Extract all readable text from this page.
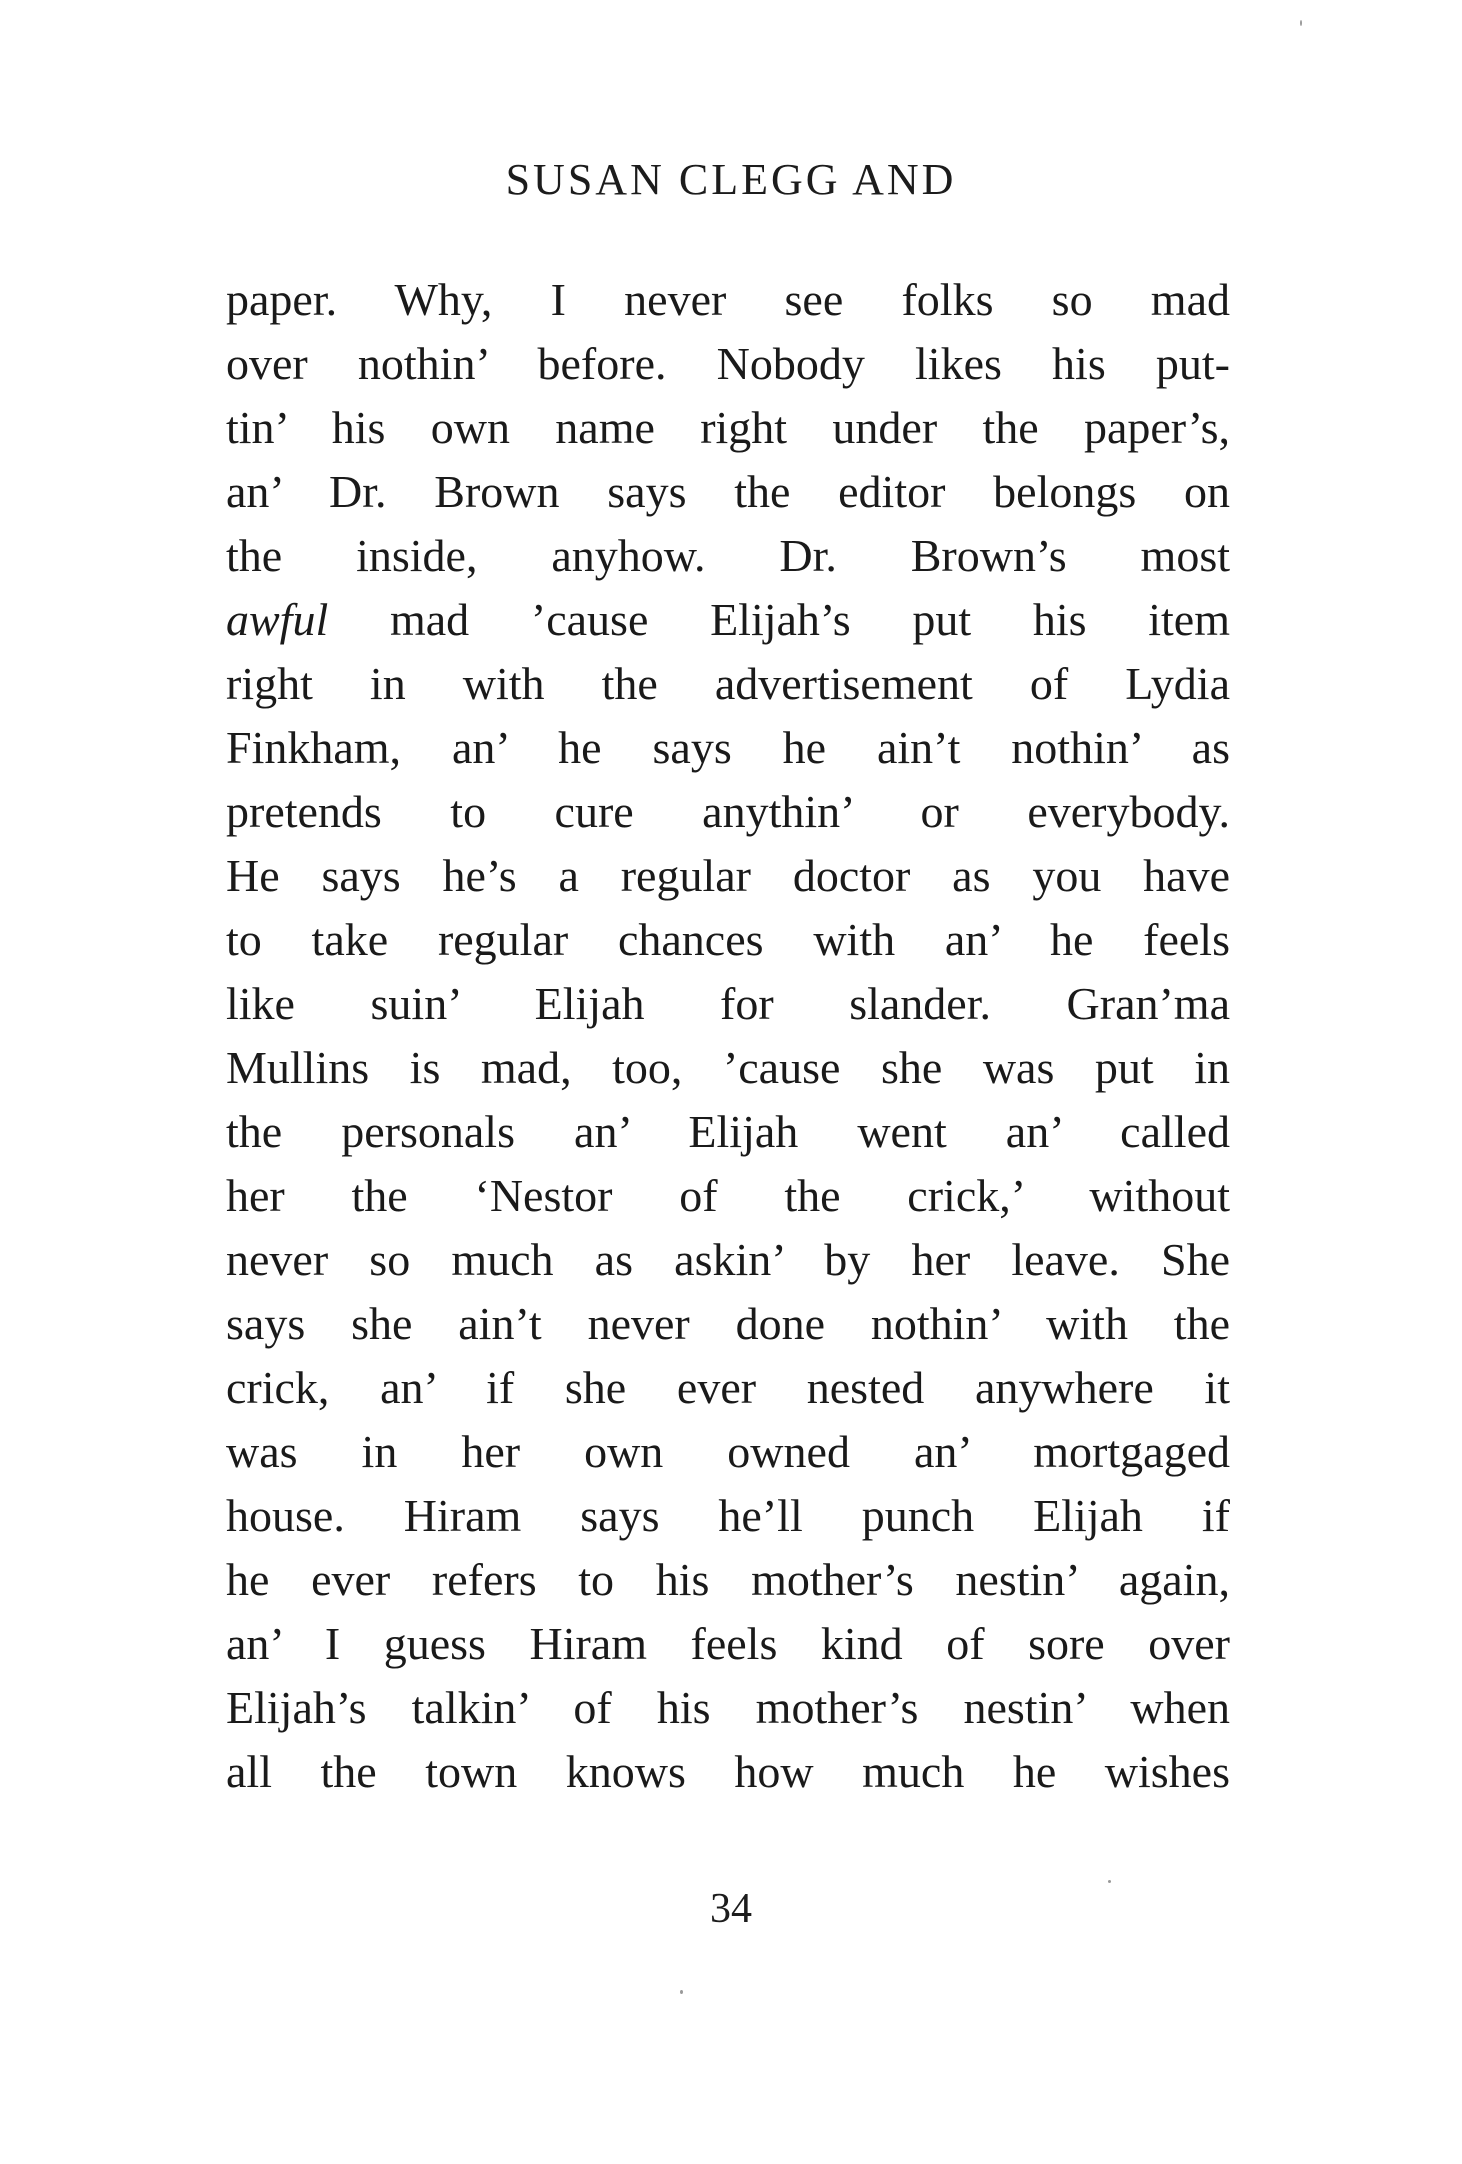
SUSAN CLEGG AND
paper. Why, I never see folks so mad
over nothin’ before. Nobody likes his put-
tin’ his own name right under the paper’s,
an’ Dr. Brown says the editor belongs on
the inside, anyhow. Dr. Brown’s most
awful mad ’cause Elijah’s put his item
right in with the advertisement of Lydia
Finkham, an’ he says he ain’t nothin’ as
pretends to cure anythin’ or everybody.
He says he’s a regular doctor as you have
to take regular chances with an’ he feels
like suin’ Elijah for slander. Gran’ma
Mullins is mad, too, ’cause she was put in
the personals an’ Elijah went an’ called
her the ‘Nestor of the crick,’ without
never so much as askin’ by her leave. She
says she ain’t never done nothin’ with the
crick, an’ if she ever nested anywhere it
was in her own owned an’ mortgaged
house. Hiram says he’ll punch Elijah if
he ever refers to his mother’s nestin’ again,
an’ I guess Hiram feels kind of sore over
Elijah’s talkin’ of his mother’s nestin’ when
all the town knows how much he wishes
34
